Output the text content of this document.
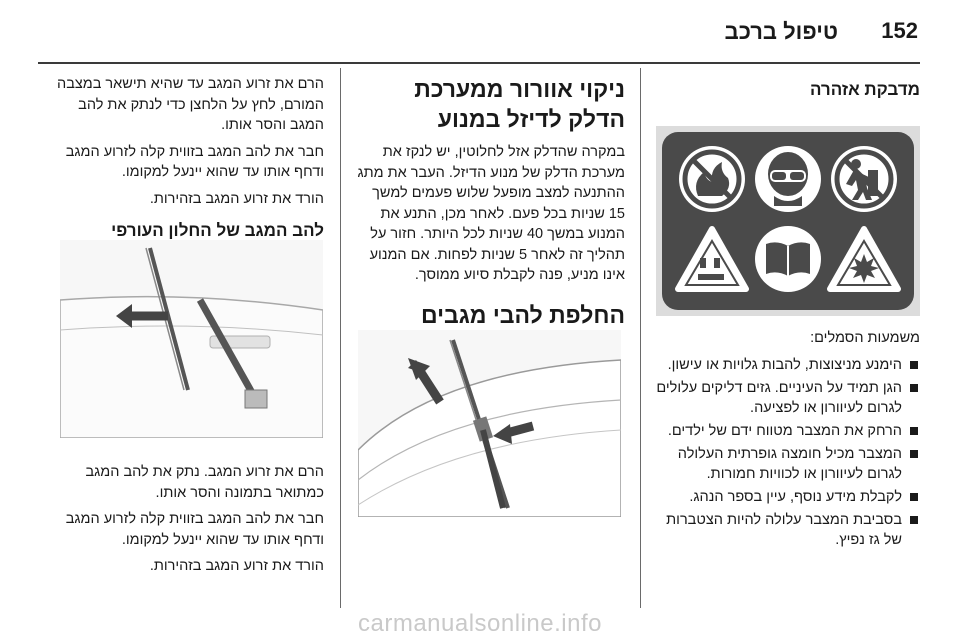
152
טיפול ברכב
מדבקת אזהרה
משמעות הסמלים:
הימנע מניצוצות, להבות גלויות או עישון.
הגן תמיד על העיניים. גזים דליקים עלולים לגרום לעיוורון או לפציעה.
הרחק את המצבר מטווח ידם של ילדים.
המצבר מכיל חומצה גופרתית העלולה לגרום לעיוורון או לכוויות חמורות.
לקבלת מידע נוסף, עיין בספר הנהג.
בסביבת המצבר עלולה להיות הצטברות של גז נפיץ.
ניקוי אוורור ממערכת הדלק לדיזל במנוע
במקרה שהדלק אזל לחלוטין, יש לנקז את מערכת הדלק של מנוע הדיזל. העבר את מתג ההתנעה למצב מופעל שלוש פעמים למשך 15 שניות בכל פעם. לאחר מכן, התנע את המנוע במשך 40 שניות לכל היותר. חזור על תהליך זה לאחר 5 שניות לפחות. אם המנוע אינו מניע, פנה לקבלת סיוע ממוסך.
החלפת להבי מגבים
הרם את זרוע המגב עד שהיא תישאר במצבה המורם, לחץ על הלחצן כדי לנתק את להב המגב והסר אותו.
חבר את להב המגב בזווית קלה לזרוע המגב ודחף אותו עד שהוא יינעל למקומו.
הורד את זרוע המגב בזהירות.
להב המגב של החלון העורפי
הרם את זרוע המגב. נתק את להב המגב כמתואר בתמונה והסר אותו.
חבר את להב המגב בזווית קלה לזרוע המגב ודחף אותו עד שהוא יינעל למקומו.
הורד את זרוע המגב בזהירות.
carmanualsonline.info
